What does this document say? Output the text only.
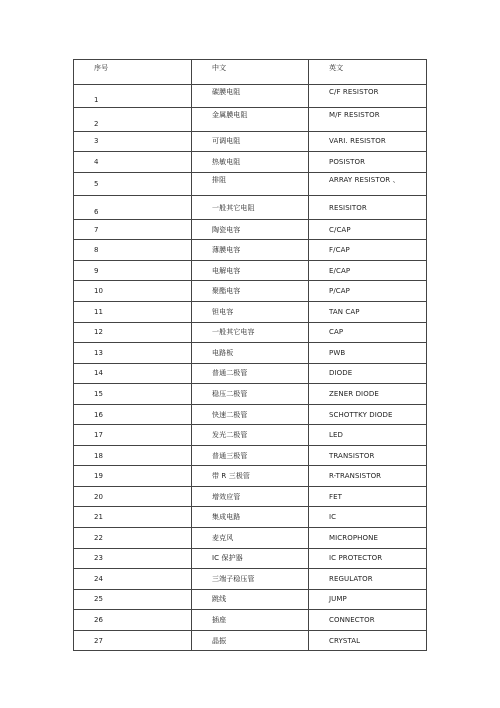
序号	中文	英文
1	碳膜电阻	C/F RESISTOR
2	金属膜电阻	M/F RESISTOR
3	可调电阻	VARI. RESISTOR
4	热敏电阻	POSISTOR
5	排阻	ARRAY RESISTOR 、
6	一般其它电阻	RESISITOR
7	陶瓷电容	C/CAP
8	薄膜电容	F/CAP
9	电解电容	E/CAP
10	聚酯电容	P/CAP
11	钽电容	TAN CAP
12	一般其它电容	CAP
13	电路板	PWB
14	普通二极管	DIODE
15	稳压二极管	ZENER DIODE
16	快速二极管	SCHOTTKY DIODE
17	发光二极管	LED
18	普通三极管	TRANSISTOR
19	带 R 三极管	R-TRANSISTOR
20	增效应管	FET
21	集成电路	IC
22	麦克风	MICROPHONE
23	IC 保护器	IC PROTECTOR
24	三端子稳压管	REGULATOR
25	跳线	JUMP
26	插座	CONNECTOR
27	晶振	CRYSTAL
